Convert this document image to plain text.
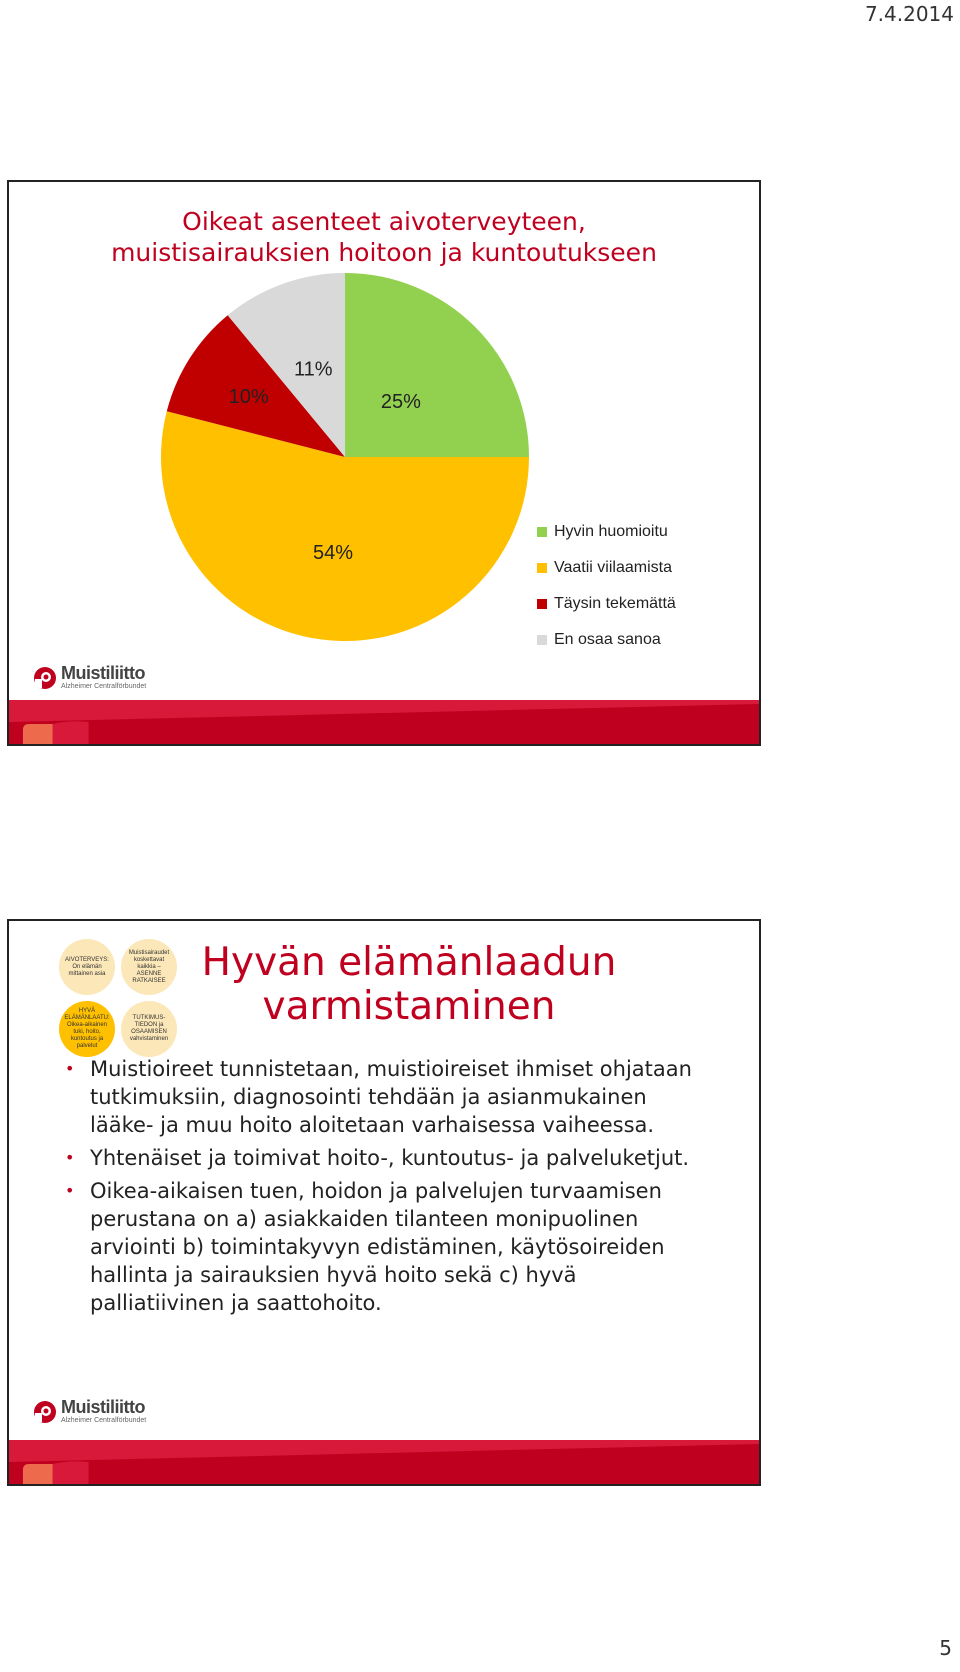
7.4.2014
Oikeat asenteet aivoterveyteen,
muistisairauksien hoitoon ja kuntoutukseen
25%
54%
10%
11%
Hyvin huomioitu
Vaatii viilaamista
Täysin tekemättä
En osaa sanoa
Muistiliitto
Alzheimer Centralförbundet
AIVOTERVEYS: On elämän mittainen asia
Muistisairaudet koskettavat kaikkia – ASENNE RATKAISEE
HYVÄ ELÄMÄNLAATU: Oikea-aikainen tuki, hoito, kuntoutus ja palvelut
TUTKIMUS-TIEDON ja OSAAMISEN vahvistaminen
Hyvän elämänlaadun
varmistaminen
• Muistioireet tunnistetaan, muistioireiset ihmiset ohjataan tutkimuksiin, diagnosointi tehdään ja asianmukainen lääke- ja muu hoito aloitetaan varhaisessa vaiheessa.
• Yhtenäiset ja toimivat hoito-, kuntoutus- ja palveluketjut.
• Oikea-aikaisen tuen, hoidon ja palvelujen turvaamisen perustana on a) asiakkaiden tilanteen monipuolinen arviointi b) toimintakyvyn edistäminen, käytösoireiden hallinta ja sairauksien hyvä hoito sekä c) hyvä palliatiivinen ja saattohoito.
Muistiliitto
Alzheimer Centralförbundet
5
